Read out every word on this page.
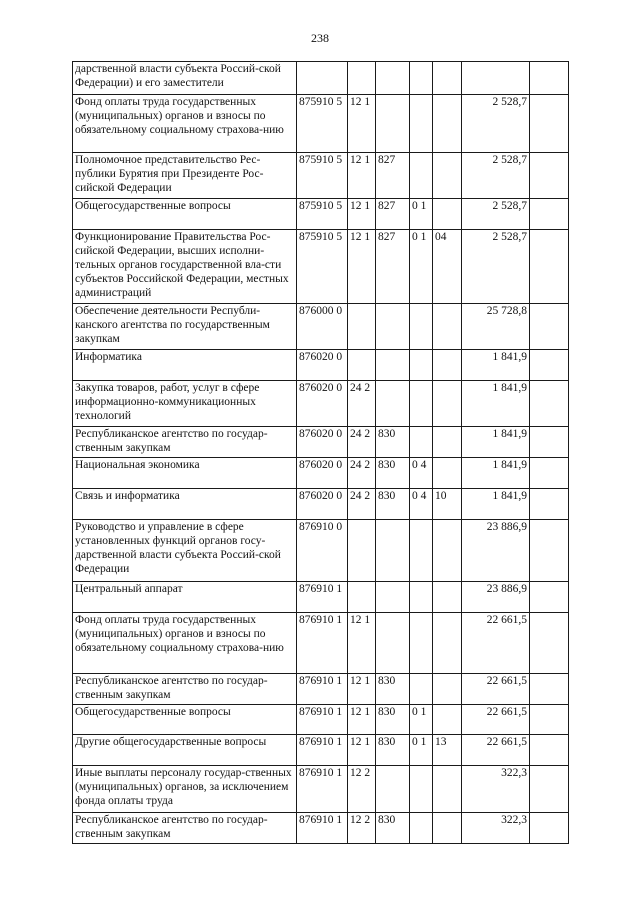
238
дарственной власти субъекта Россий-ской Федерации) и его заместители							
Фонд оплаты труда государственных (муниципальных) органов и взносы по обязательному социальному страхова-нию	875910 5	12 1				2 528,7	
Полномочное представительство Рес-публики Бурятия при Президенте Рос-сийской Федерации	875910 5	12 1	827			2 528,7	
Общегосударственные вопросы	875910 5	12 1	827	0 1		2 528,7	
Функционирование Правительства Рос-сийской Федерации, высших исполни-тельных органов государственной вла-сти субъектов Российской Федерации, местных администраций	875910 5	12 1	827	0 1	04	2 528,7	
Обеспечение деятельности Республи-канского агентства по государственным закупкам	876000 0					25 728,8	
Информатика	876020 0					1 841,9	
Закупка товаров, работ, услуг в сфере информационно-коммуникационных технологий	876020 0	24 2				1 841,9	
Республиканское агентство по государ-ственным закупкам	876020 0	24 2	830			1 841,9	
Национальная экономика	876020 0	24 2	830	0 4		1 841,9	
Связь и информатика	876020 0	24 2	830	0 4	10	1 841,9	
Руководство и управление в сфере установленных функций органов госу-дарственной власти субъекта Россий-ской Федерации	876910 0					23 886,9	
Центральный аппарат	876910 1					23 886,9	
Фонд оплаты труда государственных (муниципальных) органов и взносы по обязательному социальному страхова-нию	876910 1	12 1				22 661,5	
Республиканское агентство по государ-ственным закупкам	876910 1	12 1	830			22 661,5	
Общегосударственные вопросы	876910 1	12 1	830	0 1		22 661,5	
Другие общегосударственные вопросы	876910 1	12 1	830	0 1	13	22 661,5	
Иные выплаты персоналу государ-ственных (муниципальных) органов, за исключением фонда оплаты труда	876910 1	12 2				322,3	
Республиканское агентство по государ-ственным закупкам	876910 1	12 2	830			322,3	
